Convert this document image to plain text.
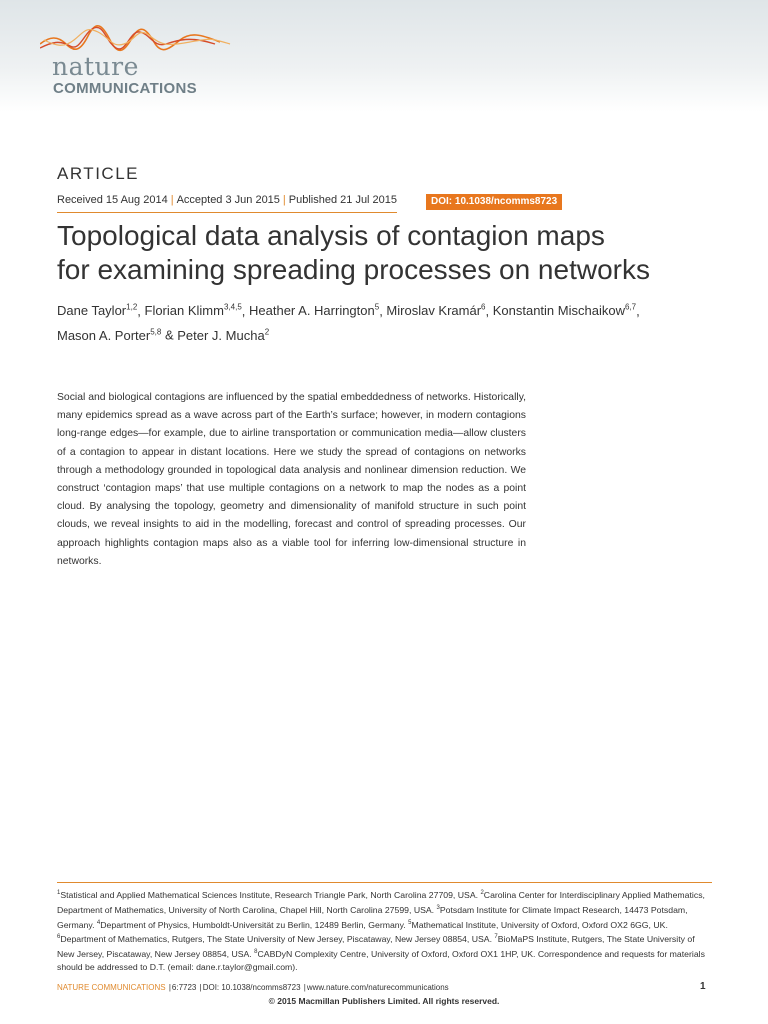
nature
COMMUNICATIONS
ARTICLE
Received 15 Aug 2014 | Accepted 3 Jun 2015 | Published 21 Jul 2015	DOI: 10.1038/ncomms8723
Topological data analysis of contagion maps
for examining spreading processes on networks
Dane Taylor$^{1,2}$, Florian Klimm$^{3,4,5}$, Heather A. Harrington$^5$, Miroslav Kramár$^6$, Konstantin Mischaikow$^{6,7}$,
Mason A. Porter$^{5,8}$ & Peter J. Mucha$^2$

Social and biological contagions are influenced by the spatial embeddedness of networks. Historically, many epidemics spread as a wave across part of the Earth’s surface; however, in modern contagions long-range edges—for example, due to airline transportation or communication media—allow clusters of a contagion to appear in distant locations. Here we study the spread of contagions on networks through a methodology grounded in topological data analysis and nonlinear dimension reduction. We construct ‘contagion maps’ that use multiple contagions on a network to map the nodes as a point cloud. By analysing the topology, geometry and dimensionality of manifold structure in such point clouds, we reveal insights to aid in the modelling, forecast and control of spreading processes. Our approach highlights contagion maps also as a viable tool for inferring low-dimensional structure in networks.

$^1$Statistical and Applied Mathematical Sciences Institute, Research Triangle Park, North Carolina 27709, USA. $^2$Carolina Center for Interdisciplinary Applied Mathematics, Department of Mathematics, University of North Carolina, Chapel Hill, North Carolina 27599, USA. $^3$Potsdam Institute for Climate Impact Research, 14473 Potsdam, Germany. $^4$Department of Physics, Humboldt-Universität zu Berlin, 12489 Berlin, Germany. $^5$Mathematical Institute, University of Oxford, Oxford OX2 6GG, UK. $^6$Department of Mathematics, Rutgers, The State University of New Jersey, Piscataway, New Jersey 08854, USA. $^7$BioMaPS Institute, Rutgers, The State University of New Jersey, Piscataway, New Jersey 08854, USA. $^8$CABDyN Complexity Centre, University of Oxford, Oxford OX1 1HP, UK. Correspondence and requests for materials should be addressed to D.T. (email: dane.r.taylor@gmail.com).

NATURE COMMUNICATIONS |6:7723 |DOI: 10.1038/ncomms8723 |www.nature.com/naturecommunications	1
© 2015 Macmillan Publishers Limited. All rights reserved.
